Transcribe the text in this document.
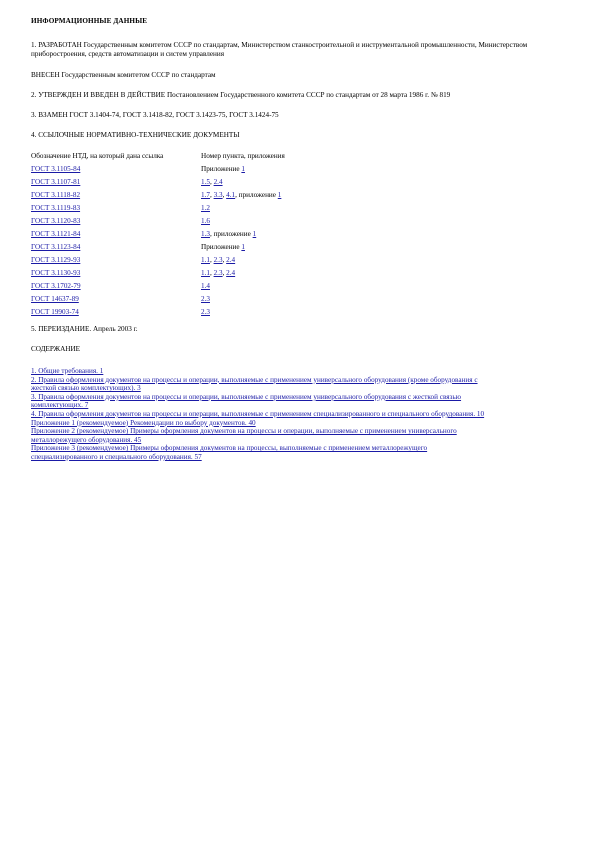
ИНФОРМАЦИОННЫЕ ДАННЫЕ

1. РАЗРАБОТАН Государственным комитетом СССР по стандартам, Министерством станкостроительной и инструментальной промышленности, Министерством приборостроения, средств автоматизации и систем управления

ВНЕСЕН Государственным комитетом СССР по стандартам

2. УТВЕРЖДЕН И ВВЕДЕН В ДЕЙСТВИЕ Постановлением Государственного комитета СССР по стандартам от 28 марта 1986 г. № 819

3. ВЗАМЕН ГОСТ 3.1404-74, ГОСТ 3.1418-82, ГОСТ 3.1423-75, ГОСТ 3.1424-75

4. ССЫЛОЧНЫЕ НОРМАТИВНО-ТЕХНИЧЕСКИЕ ДОКУМЕНТЫ

Обозначение НТД, на который дана ссылка	Номер пункта, приложения
ГОСТ 3.1105-84	Приложение 1
ГОСТ 3.1107-81	1.5, 2.4
ГОСТ 3.1118-82	1.7, 3.3, 4.1, приложение 1
ГОСТ 3.1119-83	1.2
ГОСТ 3.1120-83	1.6
ГОСТ 3.1121-84	1.3, приложение 1
ГОСТ 3.1123-84	Приложение 1
ГОСТ 3.1129-93	1.1, 2.3, 2.4
ГОСТ 3.1130-93	1.1, 2.3, 2.4
ГОСТ 3.1702-79	1.4
ГОСТ 14637-89	2.3
ГОСТ 19903-74	2.3

5. ПЕРЕИЗДАНИЕ. Апрель 2003 г.

СОДЕРЖАНИЕ

1. Общие требования. 1
2. Правила оформления документов на процессы и операции, выполняемые с применением универсального оборудования (кроме оборудования с жесткой связью комплектующих). 3
3. Правила оформления документов на процессы и операции, выполняемые с применением универсального оборудования с жесткой связью комплектующих. 7
4. Правила оформления документов на процессы и операции, выполняемые с применением специализированного и специального оборудования. 10
Приложение 1 (рекомендуемое) Рекомендации по выбору документов. 40
Приложение 2 (рекомендуемое) Примеры оформления документов на процессы и операции, выполняемые с применением универсального металлорежущего оборудования. 45
Приложение 3 (рекомендуемое) Примеры оформления документов на процессы, выполняемые с применением металлорежущего специализированного и специального оборудования. 57
